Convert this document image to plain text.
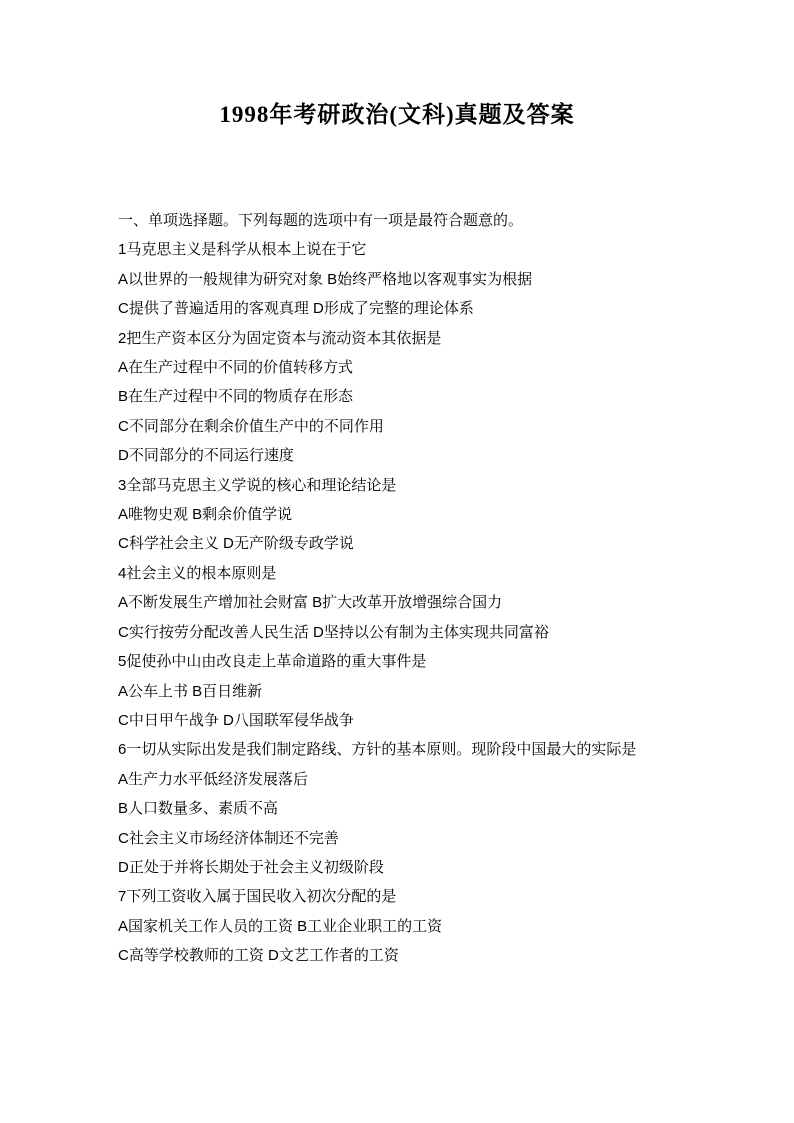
1998年考研政治(文科)真题及答案

一、单项选择题。下列每题的选项中有一项是最符合题意的。

1马克思主义是科学从根本上说在于它

A以世界的一般规律为研究对象 B始终严格地以客观事实为根据

C提供了普遍适用的客观真理 D形成了完整的理论体系

2把生产资本区分为固定资本与流动资本其依据是

A在生产过程中不同的价值转移方式

B在生产过程中不同的物质存在形态

C不同部分在剩余价值生产中的不同作用

D不同部分的不同运行速度

3全部马克思主义学说的核心和理论结论是

A唯物史观 B剩余价值学说

C科学社会主义 D无产阶级专政学说

4社会主义的根本原则是

A不断发展生产增加社会财富 B扩大改革开放增强综合国力

C实行按劳分配改善人民生活 D坚持以公有制为主体实现共同富裕

5促使孙中山由改良走上革命道路的重大事件是

A公车上书 B百日维新

C中日甲午战争 D八国联军侵华战争

6一切从实际出发是我们制定路线、方针的基本原则。现阶段中国最大的实际是

A生产力水平低经济发展落后

B人口数量多、素质不高

C社会主义市场经济体制还不完善

D正处于并将长期处于社会主义初级阶段

7下列工资收入属于国民收入初次分配的是

A国家机关工作人员的工资 B工业企业职工的工资

C高等学校教师的工资 D文艺工作者的工资
